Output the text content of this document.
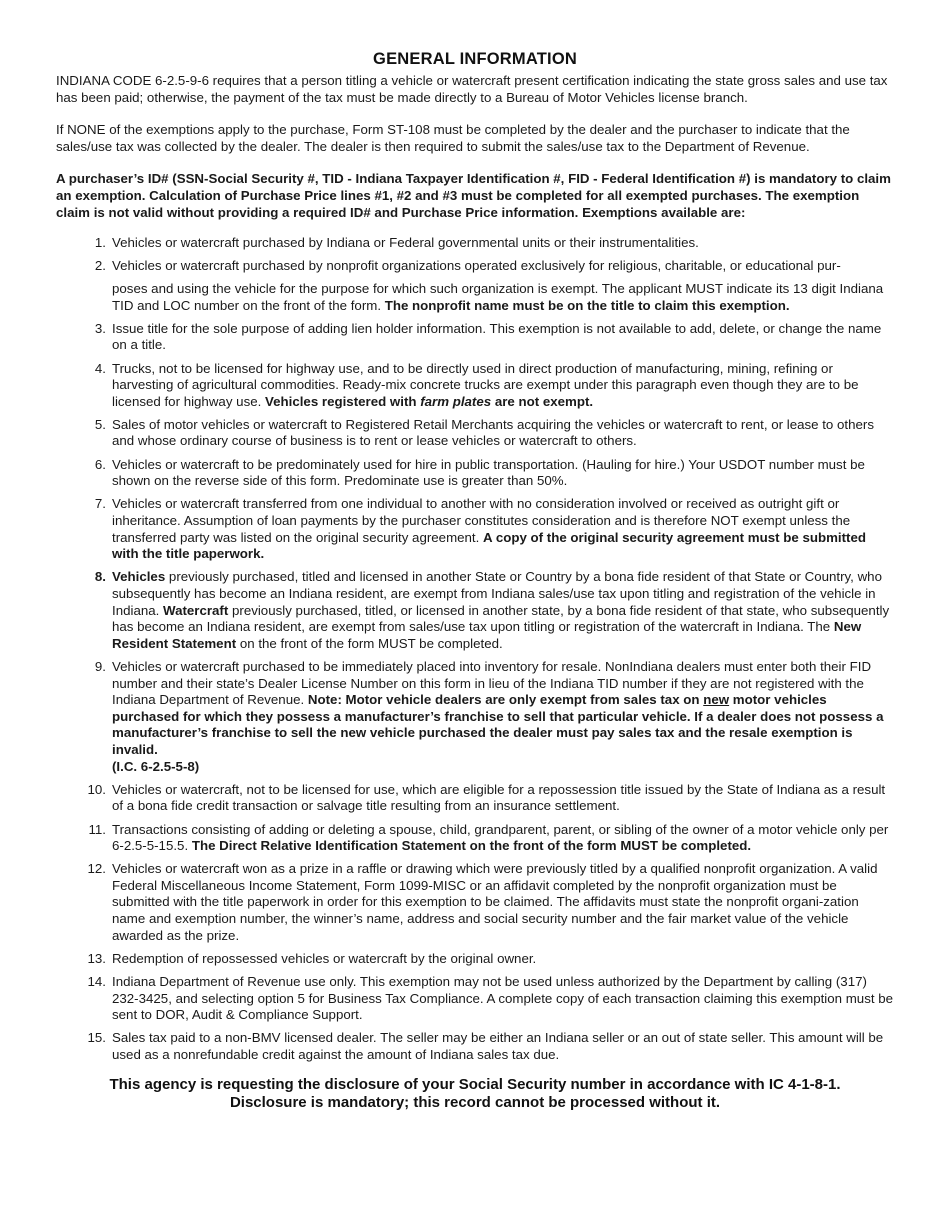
GENERAL INFORMATION

INDIANA CODE 6-2.5-9-6 requires that a person titling a vehicle or watercraft present certification indicating the state gross sales and use tax has been paid; otherwise, the payment of the tax must be made directly to a Bureau of Motor Vehicles license branch.

If NONE of the exemptions apply to the purchase, Form ST-108 must be completed by the dealer and the purchaser to indicate that the sales/use tax was collected by the dealer. The dealer is then required to submit the sales/use tax to the Department of Revenue.

A purchaser’s ID# (SSN-Social Security #, TID - Indiana Taxpayer Identification #, FID - Federal Identification #) is mandatory to claim an exemption. Calculation of Purchase Price lines #1, #2 and #3 must be completed for all exempted purchases. The exemption claim is not valid without providing a required ID# and Purchase Price information. Exemptions available are:

1. Vehicles or watercraft purchased by Indiana or Federal governmental units or their instrumentalities.
2. Vehicles or watercraft purchased by nonprofit organizations operated exclusively for religious, charitable, or educational pur-
poses and using the vehicle for the purpose for which such organization is exempt. The applicant MUST indicate its 13 digit Indiana TID and LOC number on the front of the form. The nonprofit name must be on the title to claim this exemption.
3. Issue title for the sole purpose of adding lien holder information. This exemption is not available to add, delete, or change the name on a title.
4. Trucks, not to be licensed for highway use, and to be directly used in direct production of manufacturing, mining, refining or harvesting of agricultural commodities. Ready-mix concrete trucks are exempt under this paragraph even though they are to be licensed for highway use. Vehicles registered with farm plates are not exempt.
5. Sales of motor vehicles or watercraft to Registered Retail Merchants acquiring the vehicles or watercraft to rent, or lease to others and whose ordinary course of business is to rent or lease vehicles or watercraft to others.
6. Vehicles or watercraft to be predominately used for hire in public transportation. (Hauling for hire.) Your USDOT number must be shown on the reverse side of this form. Predominate use is greater than 50%.
7. Vehicles or watercraft transferred from one individual to another with no consideration involved or received as outright gift or inheritance. Assumption of loan payments by the purchaser constitutes consideration and is therefore NOT exempt unless the transferred party was listed on the original security agreement. A copy of the original security agreement must be submitted with the title paperwork.
8. Vehicles previously purchased, titled and licensed in another State or Country by a bona fide resident of that State or Country, who subsequently has become an Indiana resident, are exempt from Indiana sales/use tax upon titling and registration of the vehicle in Indiana. Watercraft previously purchased, titled, or licensed in another state, by a bona fide resident of that state, who subsequently has become an Indiana resident, are exempt from sales/use tax upon titling or registration of the watercraft in Indiana. The New Resident Statement on the front of the form MUST be completed.
9. Vehicles or watercraft purchased to be immediately placed into inventory for resale. NonIndiana dealers must enter both their FID number and their state’s Dealer License Number on this form in lieu of the Indiana TID number if they are not registered with the Indiana Department of Revenue. Note: Motor vehicle dealers are only exempt from sales tax on new motor vehicles purchased for which they possess a manufacturer’s franchise to sell that particular vehicle. If a dealer does not possess a manufacturer’s franchise to sell the new vehicle purchased the dealer must pay sales tax and the resale exemption is invalid.
(I.C. 6-2.5-5-8)
10. Vehicles or watercraft, not to be licensed for use, which are eligible for a repossession title issued by the State of Indiana as a result of a bona fide credit transaction or salvage title resulting from an insurance settlement.
11. Transactions consisting of adding or deleting a spouse, child, grandparent, parent, or sibling of the owner of a motor vehicle only per 6-2.5-5-15.5. The Direct Relative Identification Statement on the front of the form MUST be completed.
12. Vehicles or watercraft won as a prize in a raffle or drawing which were previously titled by a qualified nonprofit organization. A valid Federal Miscellaneous Income Statement, Form 1099-MISC or an affidavit completed by the nonprofit organization must be submitted with the title paperwork in order for this exemption to be claimed. The affidavits must state the nonprofit organi-zation name and exemption number, the winner’s name, address and social security number and the fair market value of the vehicle awarded as the prize.
13. Redemption of repossessed vehicles or watercraft by the original owner.
14. Indiana Department of Revenue use only. This exemption may not be used unless authorized by the Department by calling (317) 232-3425, and selecting option 5 for Business Tax Compliance. A complete copy of each transaction claiming this exemption must be sent to DOR, Audit & Compliance Support.
15. Sales tax paid to a non-BMV licensed dealer. The seller may be either an Indiana seller or an out of state seller. This amount will be used as a nonrefundable credit against the amount of Indiana sales tax due.
This agency is requesting the disclosure of your Social Security number in accordance with IC 4-1-8-1.
Disclosure is mandatory; this record cannot be processed without it.
